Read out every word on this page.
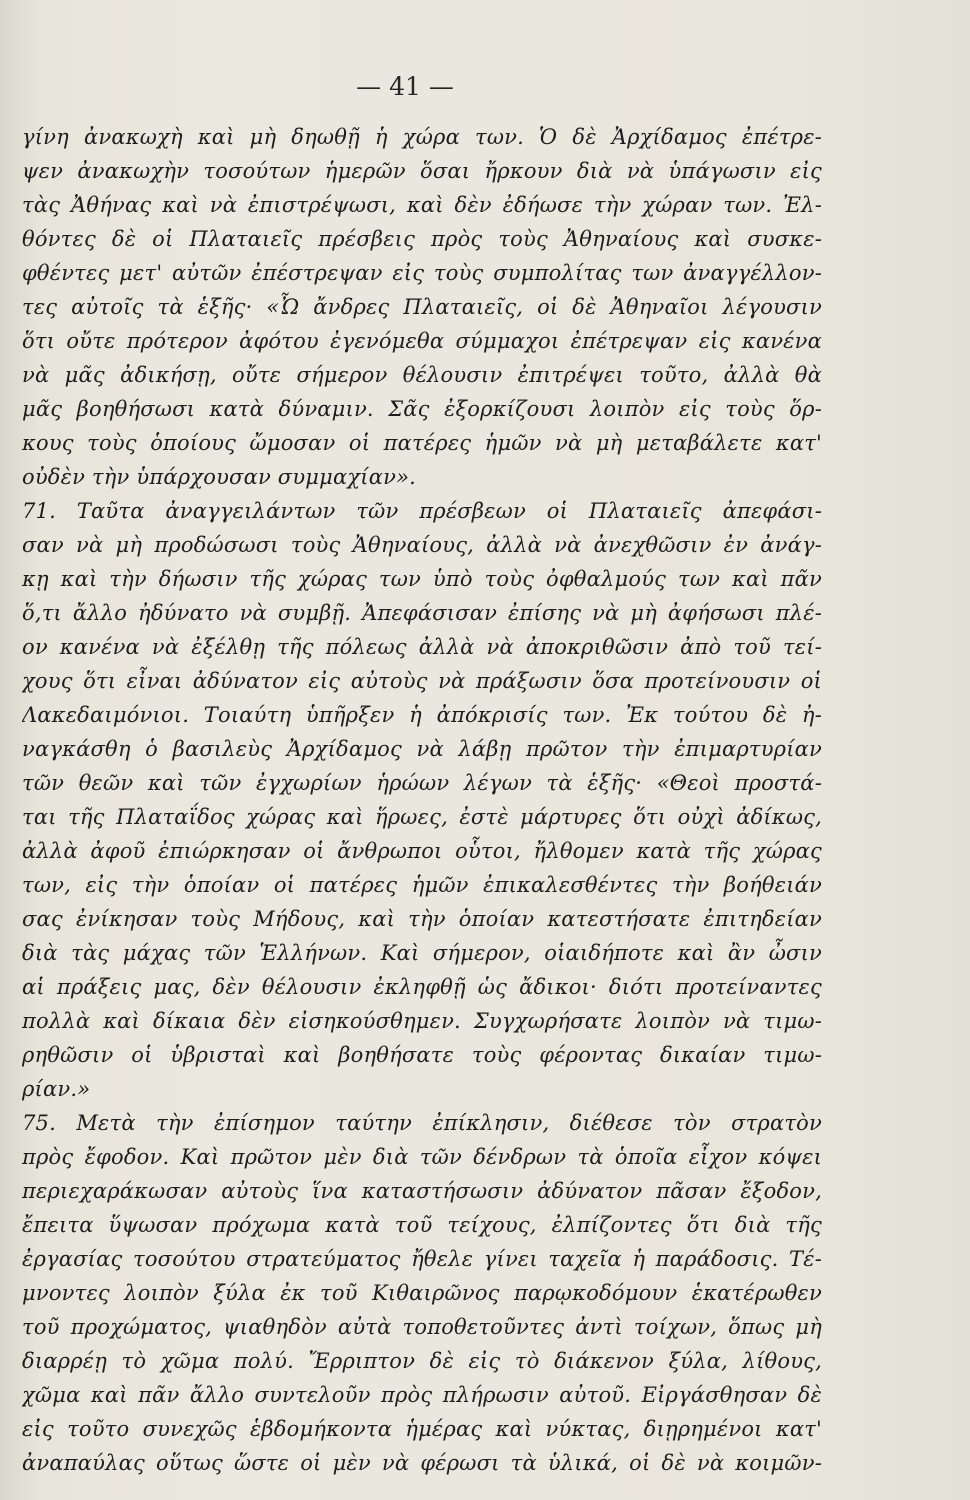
— 41 —
γίνη ἀνακωχὴ καὶ μὴ δηωθῇ ἡ χώρα των. Ὁ δὲ Ἀρχίδαμος ἐπέτρε-
ψεν ἀνακωχὴν τοσούτων ἡμερῶν ὅσαι ἤρκουν διὰ νὰ ὑπάγωσιν εἰς
τὰς Ἀθήνας καὶ νὰ ἐπιστρέψωσι, καὶ δὲν ἐδήωσε τὴν χώραν των. Ἐλ-
θόντες δὲ οἱ Πλαταιεῖς πρέσβεις πρὸς τοὺς Ἀθηναίους καὶ συσκε-
φθέντες μετ' αὐτῶν ἐπέστρεψαν εἰς τοὺς συμπολίτας των ἀναγγέλλον-
τες αὐτοῖς τὰ ἑξῆς· «Ὦ ἄνδρες Πλαταιεῖς, οἱ δὲ Ἀθηναῖοι λέγουσιν
ὅτι οὔτε πρότερον ἀφότου ἐγενόμεθα σύμμαχοι ἐπέτρεψαν εἰς κανένα
νὰ μᾶς ἀδικήσῃ, οὔτε σήμερον θέλουσιν ἐπιτρέψει τοῦτο, ἀλλὰ θὰ
μᾶς βοηθήσωσι κατὰ δύναμιν. Σᾶς ἐξορκίζουσι λοιπὸν εἰς τοὺς ὅρ-
κους τοὺς ὁποίους ὤμοσαν οἱ πατέρες ἡμῶν νὰ μὴ μεταβάλετε κατ'
οὐδὲν τὴν ὑπάρχουσαν συμμαχίαν».
71. Ταῦτα ἀναγγειλάντων τῶν πρέσβεων οἱ Πλαταιεῖς ἀπεφάσι-
σαν νὰ μὴ προδώσωσι τοὺς Ἀθηναίους, ἀλλὰ νὰ ἀνεχθῶσιν ἐν ἀνάγ-
κῃ καὶ τὴν δήωσιν τῆς χώρας των ὑπὸ τοὺς ὀφθαλμούς των καὶ πᾶν
ὅ,τι ἄλλο ἠδύνατο νὰ συμβῇ. Ἀπεφάσισαν ἐπίσης νὰ μὴ ἀφήσωσι πλέ-
ον κανένα νὰ ἐξέλθῃ τῆς πόλεως ἀλλὰ νὰ ἀποκριθῶσιν ἀπὸ τοῦ τεί-
χους ὅτι εἶναι ἀδύνατον εἰς αὐτοὺς νὰ πράξωσιν ὅσα προτείνουσιν οἱ
Λακεδαιμόνιοι. Τοιαύτη ὑπῆρξεν ἡ ἀπόκρισίς των. Ἐκ τούτου δὲ ἠ-
ναγκάσθη ὁ βασιλεὺς Ἀρχίδαμος νὰ λάβῃ πρῶτον τὴν ἐπιμαρτυρίαν
τῶν θεῶν καὶ τῶν ἐγχωρίων ἡρώων λέγων τὰ ἑξῆς· «Θεοὶ προστά-
ται τῆς Πλαταΐδος χώρας καὶ ἥρωες, ἐστὲ μάρτυρες ὅτι οὐχὶ ἀδίκως,
ἀλλὰ ἀφοῦ ἐπιώρκησαν οἱ ἄνθρωποι οὗτοι, ἤλθομεν κατὰ τῆς χώρας
των, εἰς τὴν ὁποίαν οἱ πατέρες ἡμῶν ἐπικαλεσθέντες τὴν βοήθειάν
σας ἐνίκησαν τοὺς Μήδους, καὶ τὴν ὁποίαν κατεστήσατε ἐπιτηδείαν
διὰ τὰς μάχας τῶν Ἑλλήνων. Καὶ σήμερον, οἱαιδήποτε καὶ ἂν ὦσιν
αἱ πράξεις μας, δὲν θέλουσιν ἐκληφθῇ ὡς ἄδικοι· διότι προτείναντες
πολλὰ καὶ δίκαια δὲν εἰσηκούσθημεν. Συγχωρήσατε λοιπὸν νὰ τιμω-
ρηθῶσιν οἱ ὑβρισταὶ καὶ βοηθήσατε τοὺς φέροντας δικαίαν τιμω-
ρίαν.»
75. Μετὰ τὴν ἐπίσημον ταύτην ἐπίκλησιν, διέθεσε τὸν στρατὸν
πρὸς ἔφοδον. Καὶ πρῶτον μὲν διὰ τῶν δένδρων τὰ ὁποῖα εἶχον κόψει
περιεχαράκωσαν αὐτοὺς ἵνα καταστήσωσιν ἀδύνατον πᾶσαν ἔξοδον,
ἔπειτα ὕψωσαν πρόχωμα κατὰ τοῦ τείχους, ἐλπίζοντες ὅτι διὰ τῆς
ἐργασίας τοσούτου στρατεύματος ἤθελε γίνει ταχεῖα ἡ παράδοσις. Τέ-
μνοντες λοιπὸν ξύλα ἐκ τοῦ Κιθαιρῶνος παρῳκοδόμουν ἑκατέρωθεν
τοῦ προχώματος, ψιαθηδὸν αὐτὰ τοποθετοῦντες ἀντὶ τοίχων, ὅπως μὴ
διαρρέῃ τὸ χῶμα πολύ. Ἔρριπτον δὲ εἰς τὸ διάκενον ξύλα, λίθους,
χῶμα καὶ πᾶν ἄλλο συντελοῦν πρὸς πλήρωσιν αὐτοῦ. Εἰργάσθησαν δὲ
εἰς τοῦτο συνεχῶς ἑβδομήκοντα ἡμέρας καὶ νύκτας, διῃρημένοι κατ'
ἀναπαύλας οὕτως ὥστε οἱ μὲν νὰ φέρωσι τὰ ὑλικά, οἱ δὲ νὰ κοιμῶν-
